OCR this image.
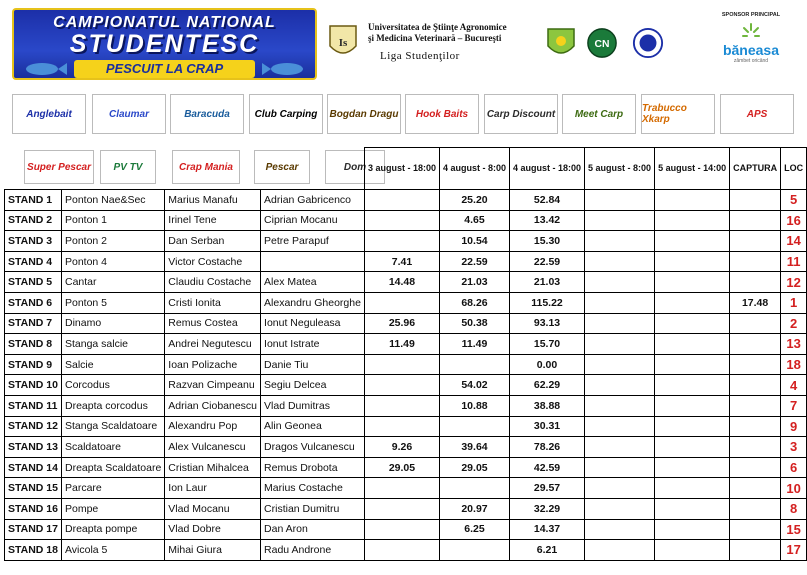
CAMPIONATUL NATIONAL
STUDENTESC
PESCUIT LA CRAP
Is
Universitatea de Ştiinţe Agronomice
şi Medicina Veterinară – Bucureşti
Liga Studenţilor
CN
SPONSOR PRINCIPAL
băneasa
zâmbet oricând
Anglebait	Claumar	Baracuda Club Carping Bogdan Dragu Hook Baits Carp Discount Meet Carp Trabucco Xkarp	APS
Super Pescar PV TV	Crap Mania	Pescar	Dom
				3 august - 18:00	4 august - 8:00	4 august - 18:00	5 august - 8:00	5 august - 14:00	CAPTURA	LOC
STAND 1	Ponton Nae&Sec	Marius Manafu	Adrian Gabricenco		25.20	52.84				5
STAND 2	Ponton 1	Irinel Tene	Ciprian Mocanu		4.65	13.42				16
STAND 3	Ponton 2	Dan Serban	Petre Parapuf		10.54	15.30				14
STAND 4	Ponton 4	Victor Costache		7.41	22.59	22.59				11
STAND 5	Cantar	Claudiu Costache	Alex Matea	14.48	21.03	21.03				12
STAND 6	Ponton 5	Cristi Ionita	Alexandru Gheorghe		68.26	115.22			17.48	1
STAND 7	Dinamo	Remus Costea	Ionut Neguleasa	25.96	50.38	93.13				2
STAND 8	Stanga salcie	Andrei Negutescu	Ionut Istrate	11.49	11.49	15.70				13
STAND 9	Salcie	Ioan Polizache	Danie Tiu			0.00				18
STAND 10	Corcodus	Razvan Cimpeanu	Segiu Delcea		54.02	62.29				4
STAND 11	Dreapta corcodus	Adrian Ciobanescu	Vlad Dumitras		10.88	38.88				7
STAND 12	Stanga Scaldatoare	Alexandru Pop	Alin Geonea			30.31				9
STAND 13	Scaldatoare	Alex Vulcanescu	Dragos Vulcanescu	9.26	39.64	78.26				3
STAND 14	Dreapta Scaldatoare	Cristian Mihalcea	Remus Drobota	29.05	29.05	42.59				6
STAND 15	Parcare	Ion Laur	Marius Costache			29.57				10
STAND 16	Pompe	Vlad Mocanu	Cristian Dumitru		20.97	32.29				8
STAND 17	Dreapta pompe	Vlad Dobre	Dan Aron		6.25	14.37				15
STAND 18	Avicola 5	Mihai Giura	Radu Androne			6.21				17
